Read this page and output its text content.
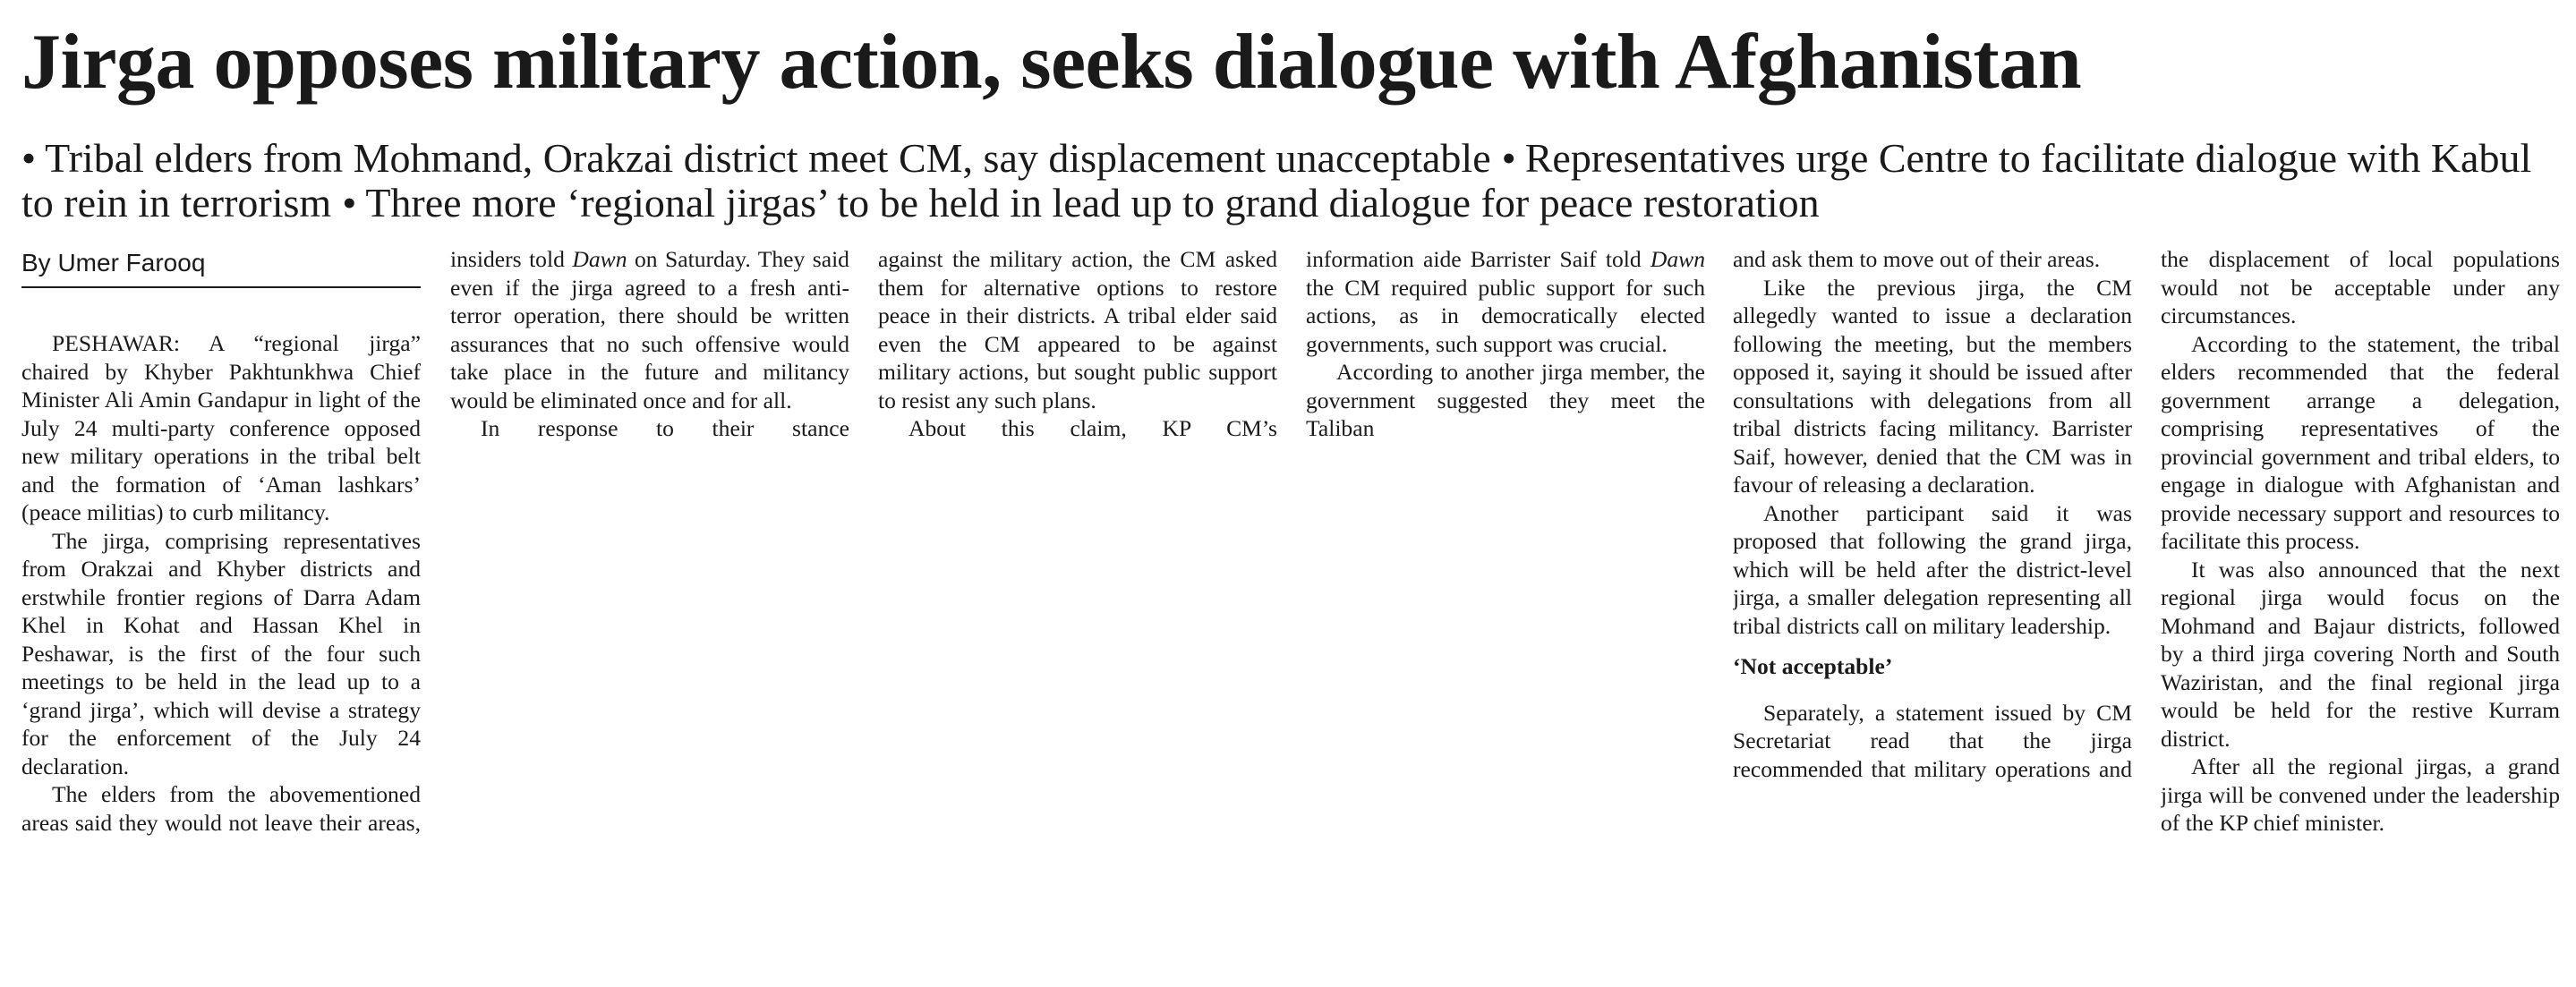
Jirga opposes military action, seeks dialogue with Afghanistan
• Tribal elders from Mohmand, Orakzai district meet CM, say displacement unacceptable • Representatives urge Centre to facilitate dialogue with Kabul to rein in terrorism • Three more ‘regional jirgas’ to be held in lead up to grand dialogue for peace restoration
By Umer Farooq

PESHAWAR: A “regional jirga” chaired by Khyber Pakhtunkhwa Chief Minister Ali Amin Gandapur in light of the July 24 multi-party conference opposed new military operations in the tribal belt and the formation of ‘Aman lashkars’ (peace militias) to curb militancy.

The jirga, comprising representatives from Orakzai and Khyber districts and erstwhile frontier regions of Darra Adam Khel in Kohat and Hassan Khel in Peshawar, is the first of the four such meetings to be held in the lead up to a ‘grand jirga’, which will devise a strategy for the enforcement of the July 24 declaration.

The elders from the abovementioned areas said they would not leave their areas,

insiders told Dawn on Saturday. They said even if the jirga agreed to a fresh anti-terror operation, there should be written assurances that no such offensive would take place in the future and militancy would be eliminated once and for all.

In response to their stance

against the military action, the CM asked them for alternative options to restore peace in their districts. A tribal elder said even the CM appeared to be against military actions, but sought public support to resist any such plans.

About this claim, KP CM’s

information aide Barrister Saif told Dawn the CM required public support for such actions, as in democratically elected governments, such support was crucial.

According to another jirga member, the government suggested they meet the Taliban

and ask them to move out of their areas.

Like the previous jirga, the CM allegedly wanted to issue a declaration following the meeting, but the members opposed it, saying it should be issued after consultations with delegations from all tribal districts facing militancy. Barrister Saif, however, denied that the CM was in favour of releasing a declaration.

Another participant said it was proposed that following the grand jirga, which will be held after the district-level jirga, a smaller delegation representing all tribal districts call on military leadership.

‘Not acceptable’

Separately, a statement issued by CM Secretariat read that the jirga recommended that military operations and

the displacement of local populations would not be acceptable under any circumstances.

According to the statement, the tribal elders recommended that the federal government arrange a delegation, comprising representatives of the provincial government and tribal elders, to engage in dialogue with Afghanistan and provide necessary support and resources to facilitate this process.

It was also announced that the next regional jirga would focus on the Mohmand and Bajaur districts, followed by a third jirga covering North and South Waziristan, and the final regional jirga would be held for the restive Kurram district.

After all the regional jirgas, a grand jirga will be convened under the leadership of the KP chief minister.
